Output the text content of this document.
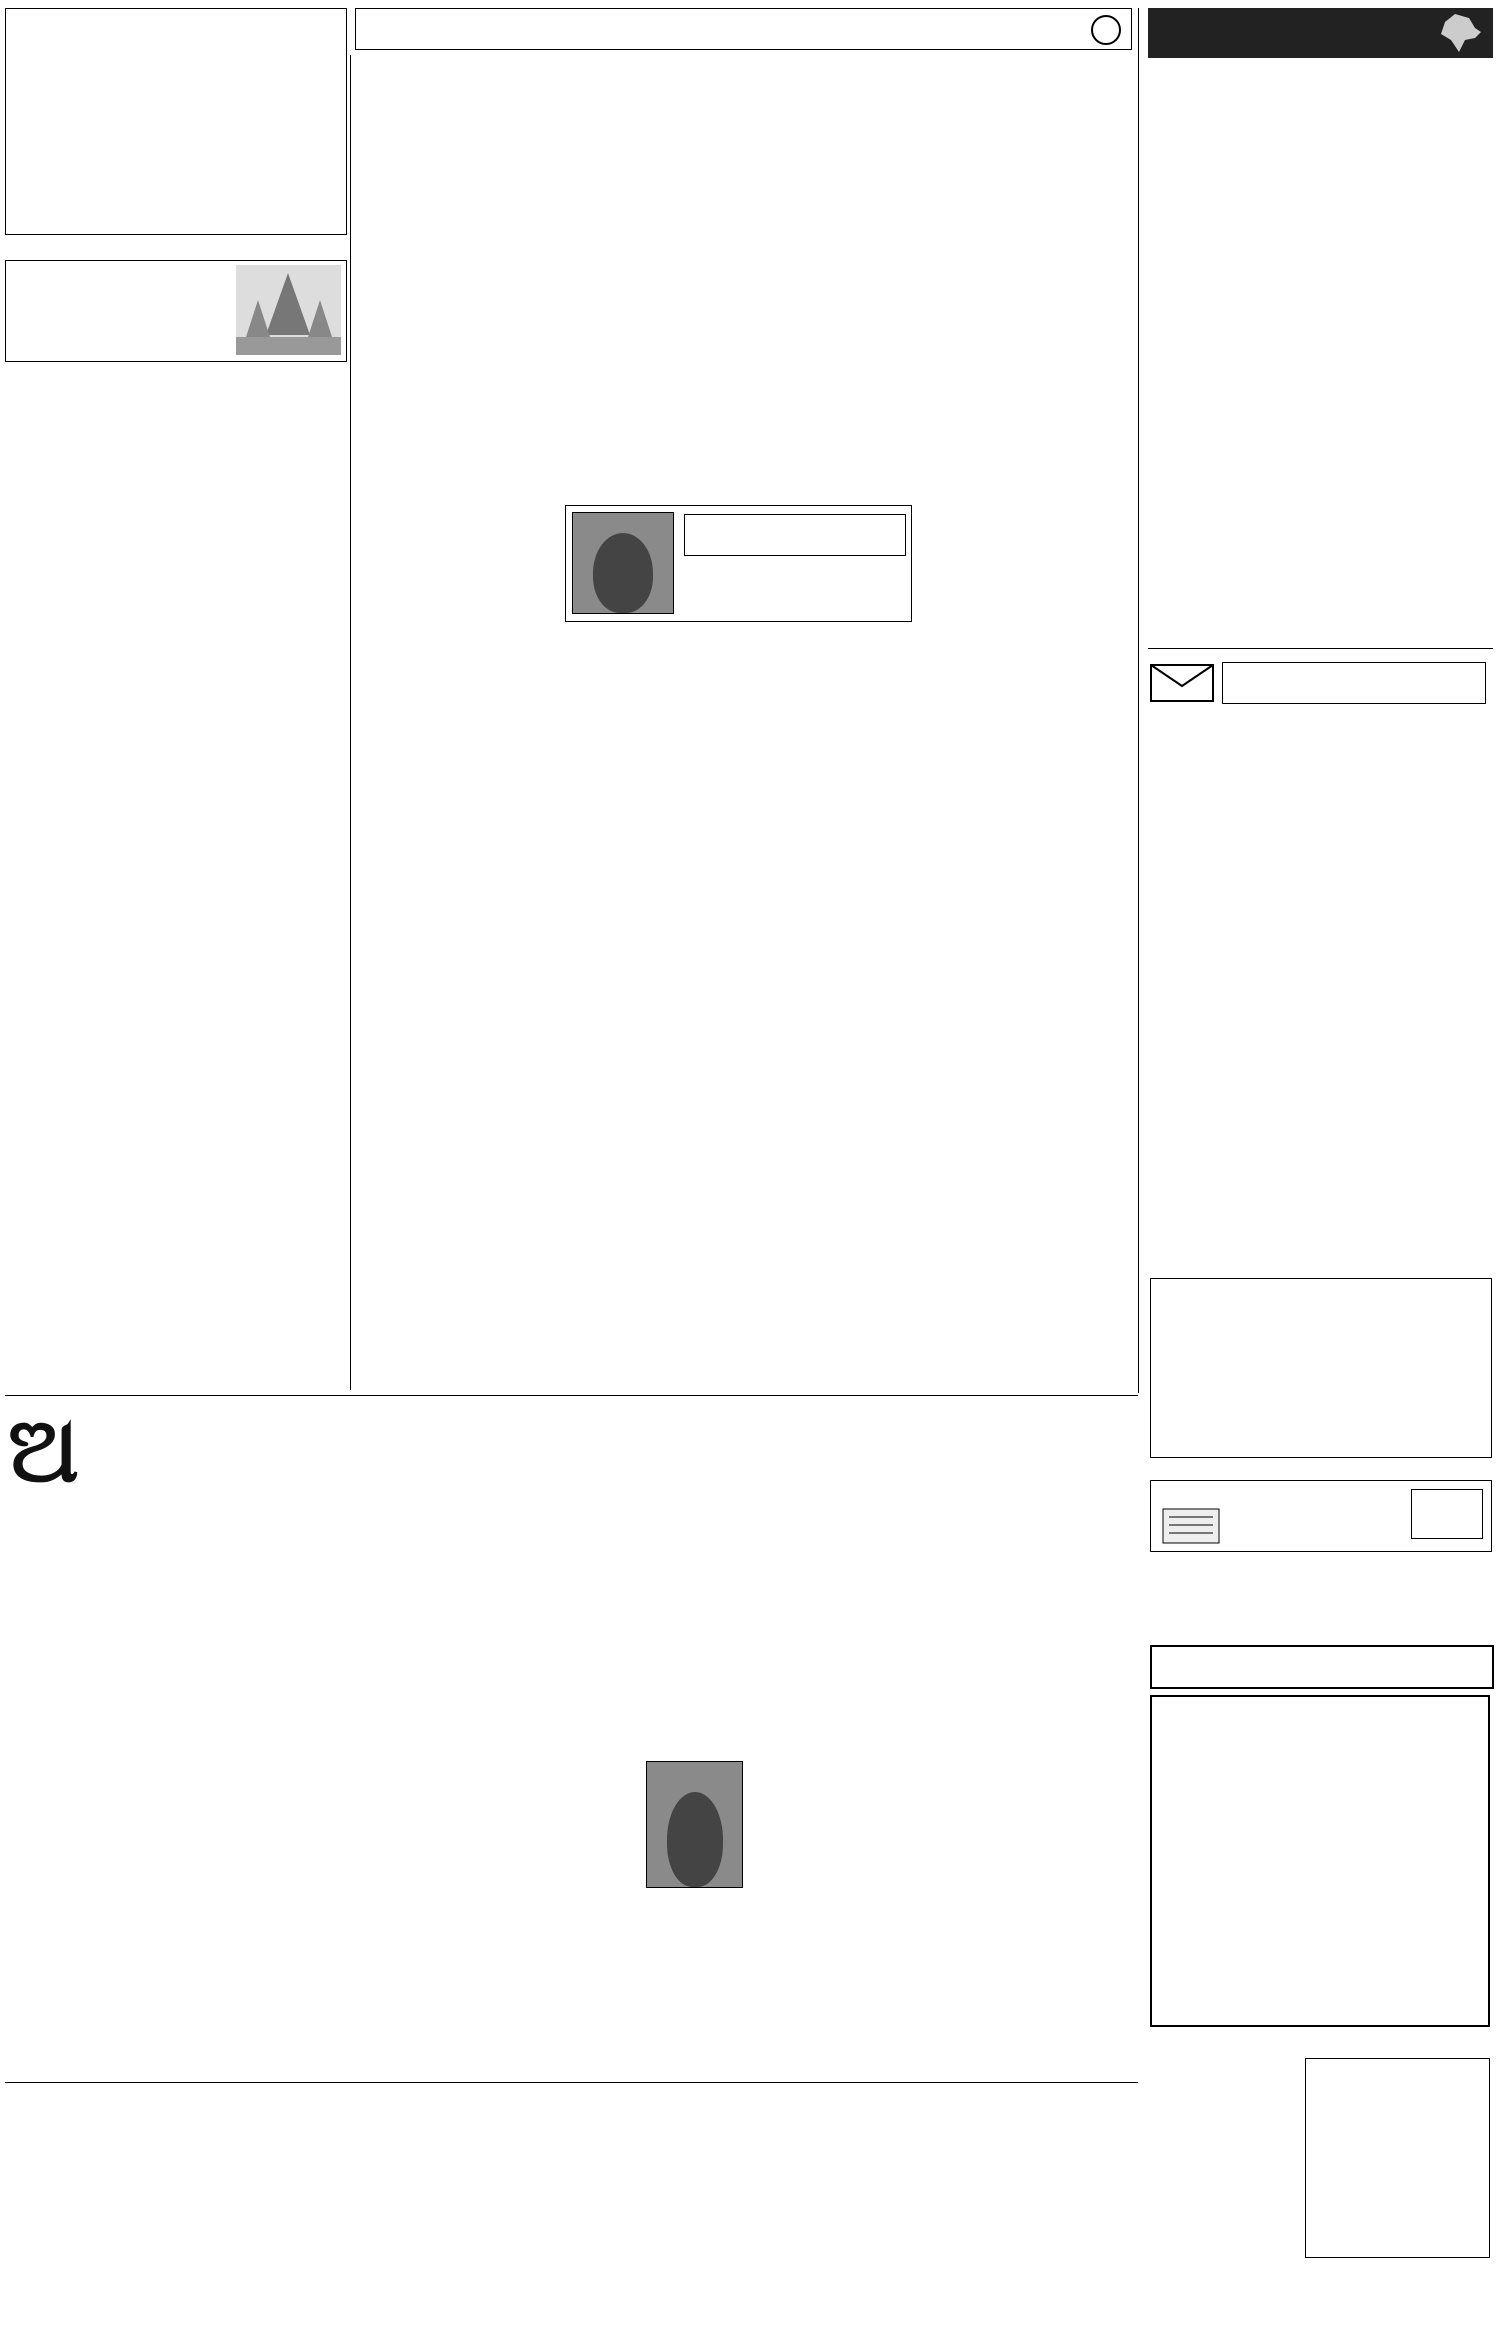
ଅ
